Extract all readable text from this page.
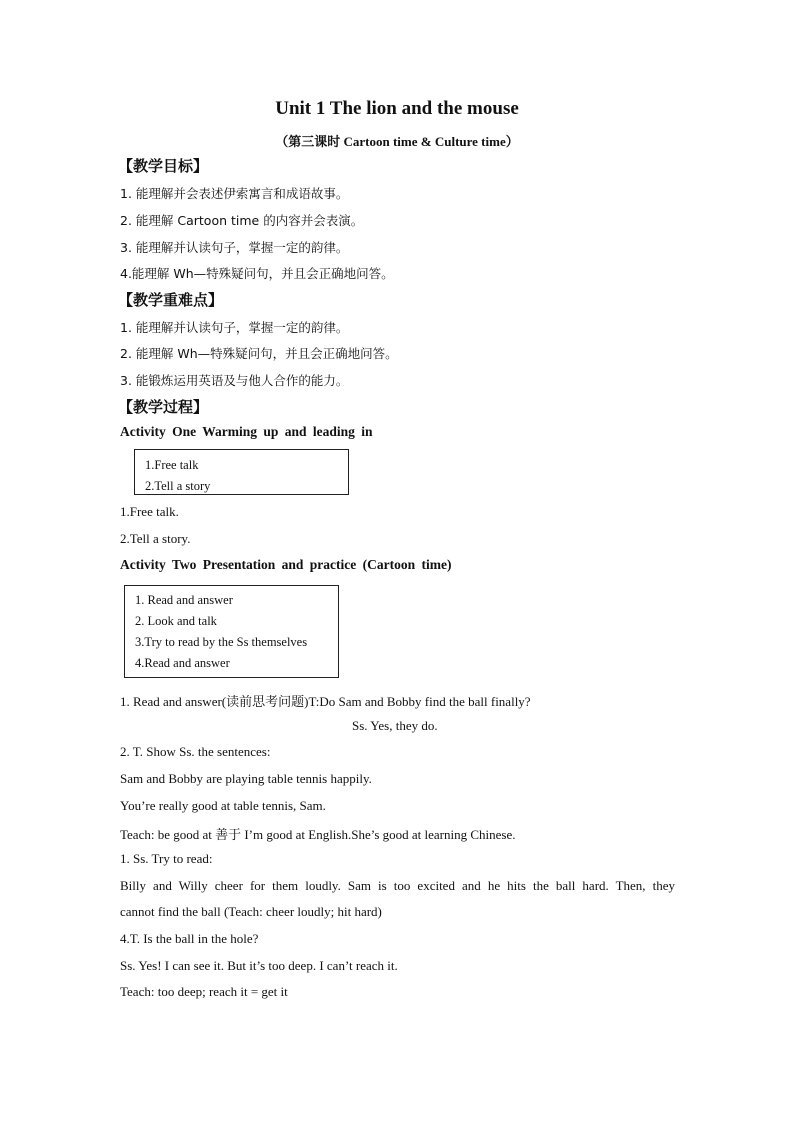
Unit 1 The lion and the mouse
（第三课时 Cartoon time & Culture time）
【教学目标】
1. 能理解并会表述伊索寓言和成语故事。
2. 能理解 Cartoon time 的内容并会表演。
3. 能理解并认读句子，掌握一定的韵律。
4.能理解 Wh—特殊疑问句，并且会正确地问答。
【教学重难点】
1. 能理解并认读句子，掌握一定的韵律。
2. 能理解 Wh—特殊疑问句，并且会正确地问答。
3. 能锻炼运用英语及与他人合作的能力。
【教学过程】
Activity One Warming up and leading in
1.Free talk
2.Tell a story
1.Free talk.
2.Tell a story.
Activity Two Presentation and practice (Cartoon time)
1. Read and answer
2. Look and talk
3.Try to read by the Ss themselves
4.Read and answer
1. Read and answer(读前思考问题)T:Do Sam and Bobby find the ball finally?
Ss. Yes, they do.
2. T. Show Ss. the sentences:
Sam and Bobby are playing table tennis happily.
You’re really good at table tennis, Sam.
Teach: be good at 善于 I’m good at English.She’s good at learning Chinese.
1. Ss. Try to read:
Billy and Willy cheer for them loudly. Sam is too excited and he hits the ball hard. Then, they
cannot find the ball (Teach: cheer loudly; hit hard)
4.T. Is the ball in the hole?
Ss. Yes! I can see it. But it’s too deep. I can’t reach it.
Teach: too deep; reach it = get it
